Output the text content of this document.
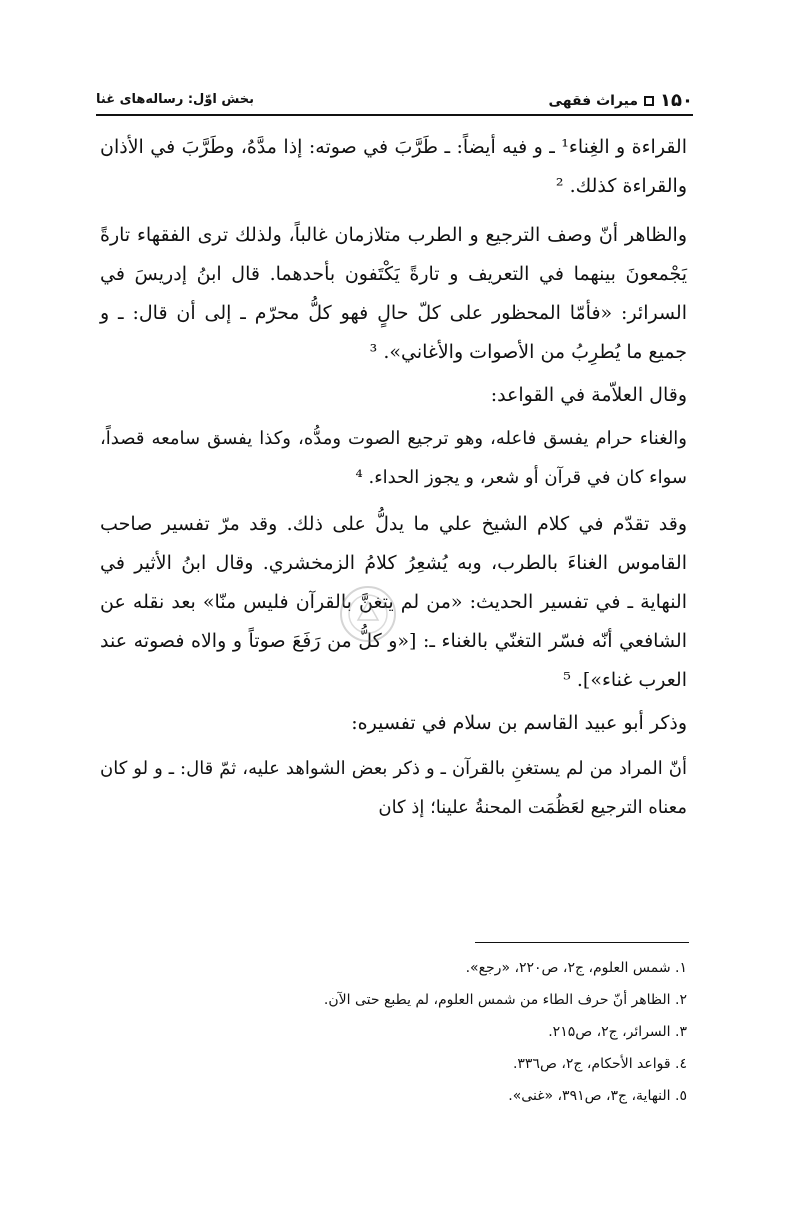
۱۵۰
میراث فقهی
بخش اوّل: رساله‌های غنا

القراءة و الغِناء¹ ـ و فيه أيضاً: ـ طَرَّبَ في صوته: إذا مدَّهُ، وطَرَّبَ في الأذان والقراءة كذلك. ²

والظاهر أنّ وصف الترجيع و الطرب متلازمان غالباً، ولذلك ترى الفقهاء تارةً يَجْمعونَ بينهما في التعريف و تارةً يَكْتَفون بأحدهما. قال ابنُ إدريسَ في السرائر: «فأمّا المحظور على كلّ حالٍ فهو كلُّ محرّم ـ إلى أن قال: ـ و جميع ما يُطرِبُ من الأصوات والأغاني». ³

وقال العلاّمة في القواعد:

والغناء حرام يفسق فاعله، وهو ترجيع الصوت ومدُّه، وكذا يفسق سامعه قصداً، سواء كان في قرآن أو شعر، و يجوز الحداء. ⁴

وقد تقدّم في كلام الشيخ علي ما يدلُّ على ذلك. وقد مرّ تفسير صاحب القاموس الغناءَ بالطرب، وبه يُشعِرُ كلامُ الزمخشري. وقال ابنُ الأثير في النهاية ـ في تفسير الحديث: «من لم يتغنَّ بالقرآن فليس منّا» بعد نقله عن الشافعي أنّه فسّر التغنّي بالغناء ـ: [«و كلُّ من رَفَعَ صوتاً و والاه فصوته عند العرب غناء»]. ⁵

وذكر أبو عبيد القاسم بن سلام في تفسيره:

أنّ المراد من لم يستغنِ بالقرآن ـ و ذكر بعض الشواهد عليه، ثمّ قال: ـ و لو كان معناه الترجيع لعَظُمَت المحنةُ علينا؛ إذ كان

۱. شمس العلوم، ج۲، ص۲۲۰، «رجع».
۲. الظاهر أنّ حرف الطاء من شمس العلوم، لم يطبع حتى الآن.
۳. السرائر، ج۲، ص۲۱۵.
٤. قواعد الأحكام، ج۲، ص۳۳٦.
٥. النهاية، ج۳، ص۳۹۱، «غنى».
